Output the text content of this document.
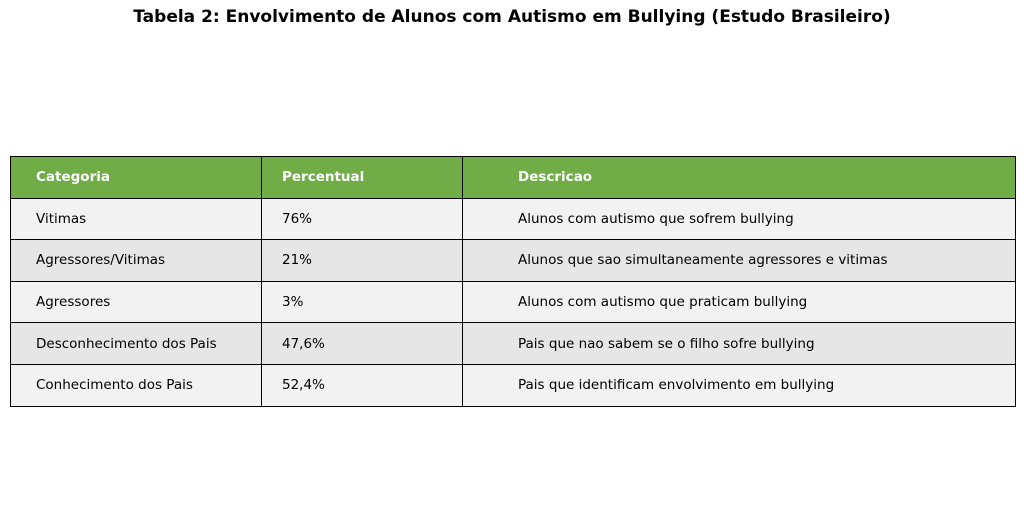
Tabela 2: Envolvimento de Alunos com Autismo em Bullying (Estudo Brasileiro)
Categoria	Percentual	Descricao
Vitimas	76%	Alunos com autismo que sofrem bullying
Agressores/Vitimas	21%	Alunos que sao simultaneamente agressores e vitimas
Agressores	3%	Alunos com autismo que praticam bullying
Desconhecimento dos Pais	47,6%	Pais que nao sabem se o filho sofre bullying
Conhecimento dos Pais	52,4%	Pais que identificam envolvimento em bullying
